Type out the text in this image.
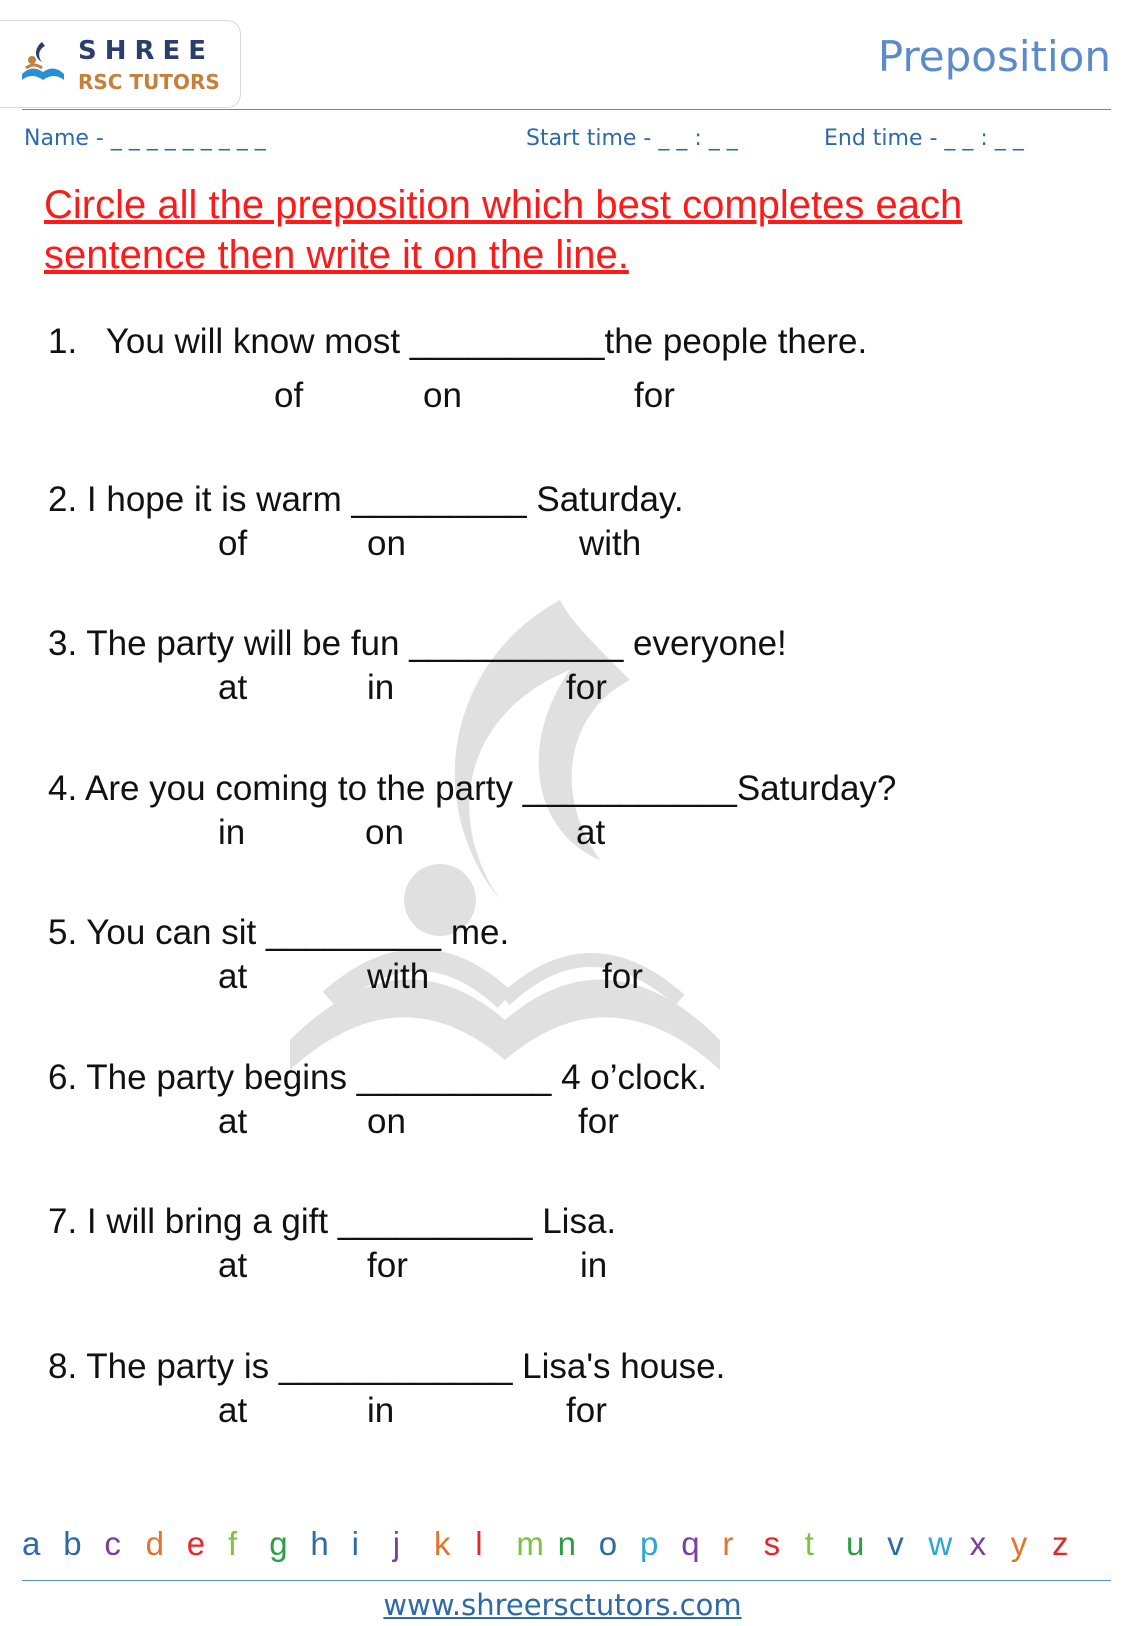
SHREE
RSC TUTORS
Preposition
Name - _ _ _ _ _ _ _ _ _	Start time - _ _ : _ _	End time - _ _ : _ _
Circle all the preposition which best completes each sentence then write it on the line.
1.   You will know most __________the people there.
of	on	for
2. I hope it is warm _________ Saturday.
of	on	with
3. The party will be fun ___________ everyone!
at	in	for
4. Are you coming to the party ___________Saturday?
in	on	at
5. You can sit _________ me.
at	with	for
6. The party begins __________ 4 o’clock.
at	on	for
7. I will bring a gift __________ Lisa.
at	for	in
8. The party is ____________ Lisa's house.
at	in	for
a b c d e f g h i j k l m n o p q r s t u v w x y z
www.shreersctutors.com
